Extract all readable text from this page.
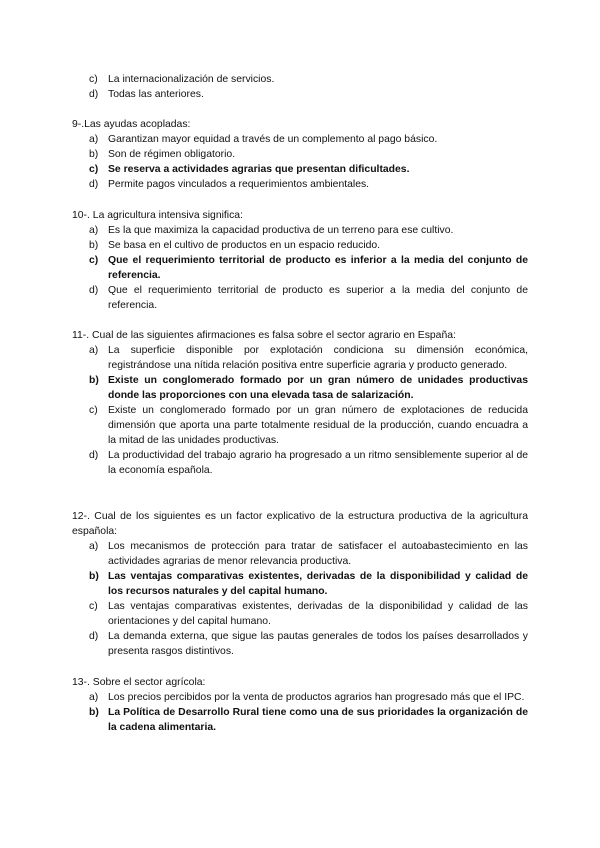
c) La internacionalización de servicios.
d) Todas las anteriores.

9-.Las ayudas acopladas:

a) Garantizan mayor equidad a través de un complemento al pago básico.
b) Son de régimen obligatorio.
c) Se reserva a actividades agrarias que presentan dificultades.
d) Permite pagos vinculados a requerimientos ambientales.

10-. La agricultura intensiva significa:

a) Es la que maximiza la capacidad productiva de un terreno para ese cultivo.
b) Se basa en el cultivo de productos en un espacio reducido.
c) Que el requerimiento territorial de producto es inferior a la media del conjunto de referencia.
d) Que el requerimiento territorial de producto es superior a la media del conjunto de referencia.

11-. Cual de las siguientes afirmaciones es falsa sobre el sector agrario en España:

a) La superficie disponible por explotación condiciona su dimensión económica, registrándose una nítida relación positiva entre superficie agraria y producto generado.
b) Existe un conglomerado formado por un gran número de unidades productivas donde las proporciones con una elevada tasa de salarización.
c) Existe un conglomerado formado por un gran número de explotaciones de reducida dimensión que aporta una parte totalmente residual de la producción, cuando encuadra a la mitad de las unidades productivas.
d) La productividad del trabajo agrario ha progresado a un ritmo sensiblemente superior al de la economía española.

12-. Cual de los siguientes es un factor explicativo de la estructura productiva de la agricultura española:

a) Los mecanismos de protección para tratar de satisfacer el autoabastecimiento en las actividades agrarias de menor relevancia productiva.
b) Las ventajas comparativas existentes, derivadas de la disponibilidad y calidad de los recursos naturales y del capital humano.
c) Las ventajas comparativas existentes, derivadas de la disponibilidad y calidad de las orientaciones y del capital humano.
d) La demanda externa, que sigue las pautas generales de todos los países desarrollados y presenta rasgos distintivos.

13-. Sobre el sector agrícola:

a) Los precios percibidos por la venta de productos agrarios han progresado más que el IPC.
b) La Política de Desarrollo Rural tiene como una de sus prioridades la organización de la cadena alimentaria.
